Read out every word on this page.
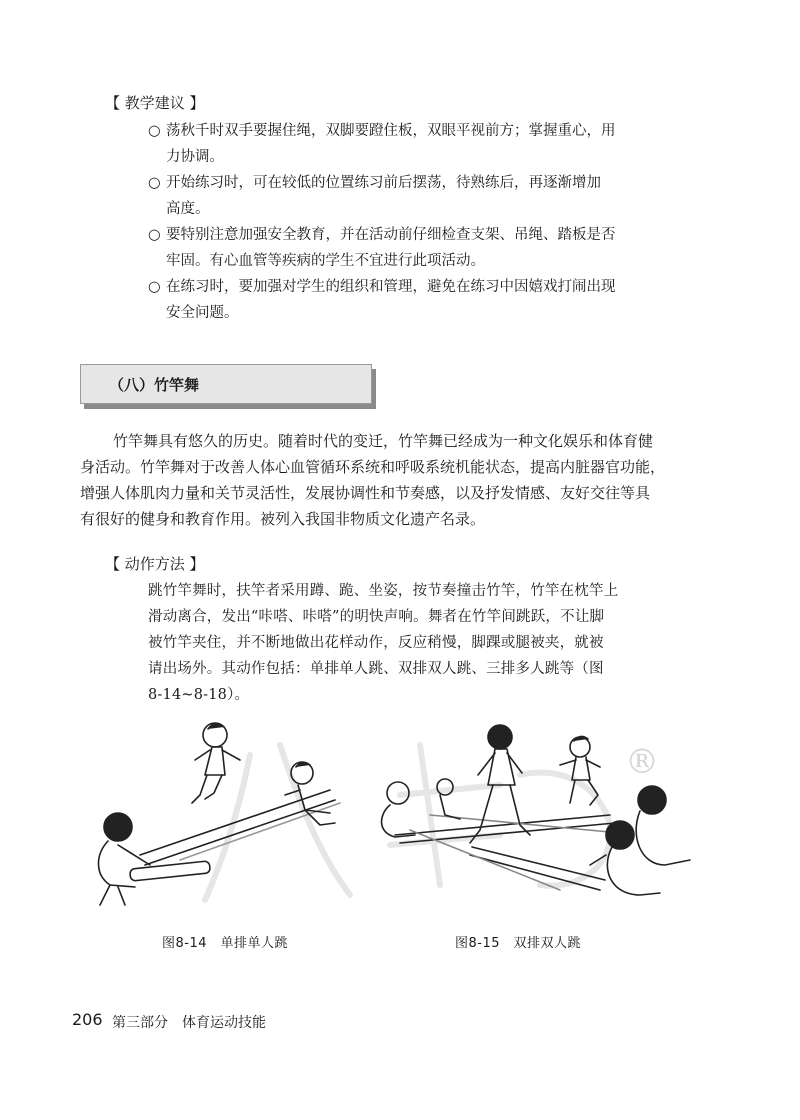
【 教学建议 】
○ 荡秋千时双手要握住绳，双脚要蹬住板，双眼平视前方；掌握重心，用
力协调。
○ 开始练习时，可在较低的位置练习前后摆荡，待熟练后，再逐渐增加
高度。
○ 要特别注意加强安全教育，并在活动前仔细检查支架、吊绳、踏板是否
牢固。有心血管等疾病的学生不宜进行此项活动。
○ 在练习时，要加强对学生的组织和管理，避免在练习中因嬉戏打闹出现
安全问题。
（八）竹竿舞
竹竿舞具有悠久的历史。随着时代的变迁，竹竿舞已经成为一种文化娱乐和体育健
身活动。竹竿舞对于改善人体心血管循环系统和呼吸系统机能状态，提高内脏器官功能，
增强人体肌肉力量和关节灵活性，发展协调性和节奏感，以及抒发情感、友好交往等具
有很好的健身和教育作用。被列入我国非物质文化遗产名录。
【 动作方法 】
跳竹竿舞时，扶竿者采用蹲、跪、坐姿，按节奏撞击竹竿，竹竿在枕竿上
滑动离合，发出“咔嗒、咔嗒”的明快声响。舞者在竹竿间跳跃，不让脚
被竹竿夹住，并不断地做出花样动作，反应稍慢，脚踝或腿被夹，就被
请出场外。其动作包括：单排单人跳、双排双人跳、三排多人跳等（图
8-14~8-18）。
®
图8-14　单排单人跳	图8-15　双排双人跳
206 第三部分　体育运动技能
